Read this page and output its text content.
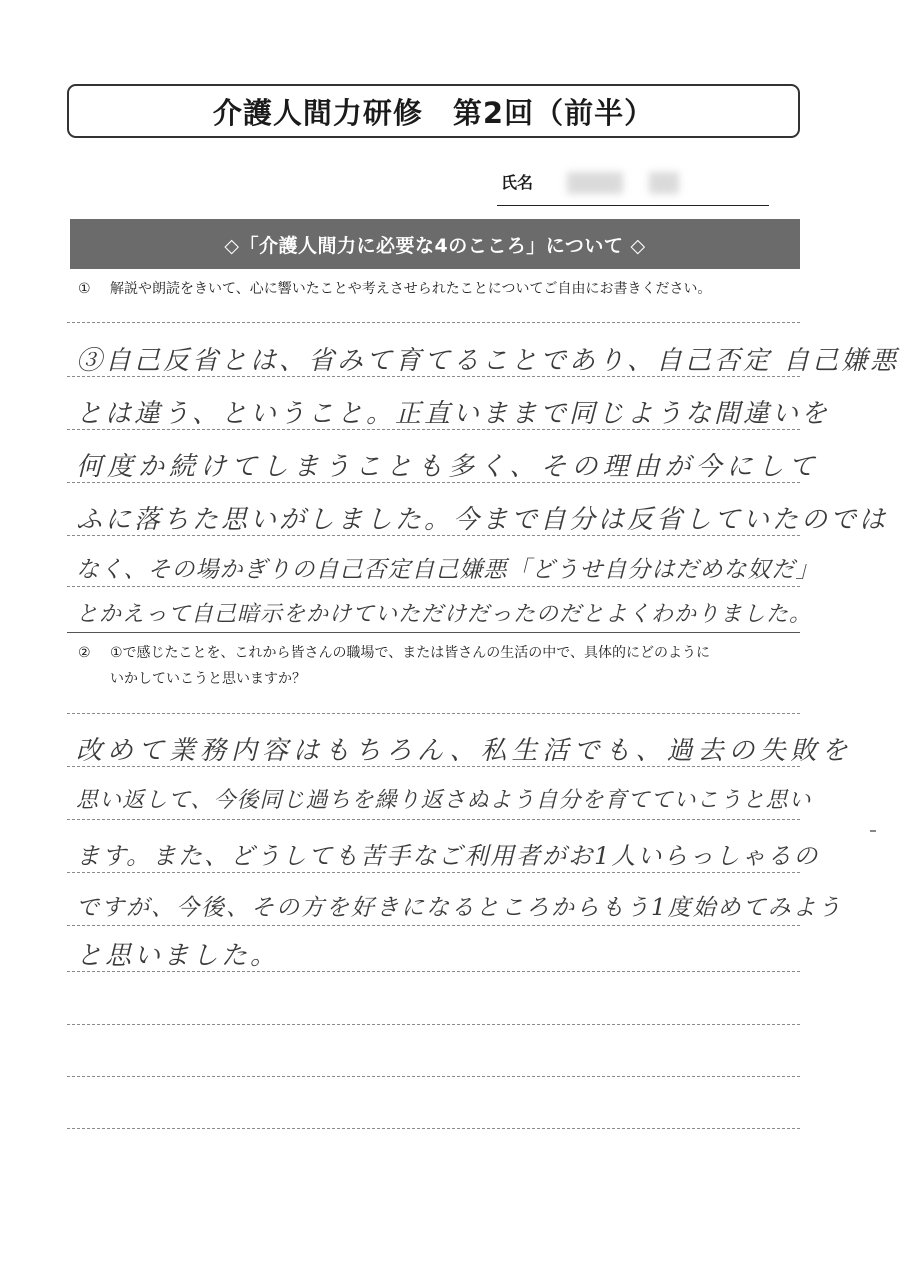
介護人間力研修　第2回（前半）
氏名
◇「介護人間力に必要な4のこころ」について ◇
① 解説や朗読をきいて、心に響いたことや考えさせられたことについてご自由にお書きください。
③自己反省とは、省みて育てることであり、自己否定 自己嫌悪
とは違う、ということ。正直いままで同じような間違いを
何度か続けてしまうことも多く、その理由が今にして
ふに落ちた思いがしました。今まで自分は反省していたのでは
なく、その場かぎりの自己否定自己嫌悪「どうせ自分はだめな奴だ」
とかえって自己暗示をかけていただけだったのだとよくわかりました。
② ①で感じたことを、これから皆さんの職場で、または皆さんの生活の中で、具体的にどのように
いかしていこうと思いますか？
改めて業務内容はもちろん、私生活でも、過去の失敗を
思い返して、今後同じ過ちを繰り返さぬよう自分を育てていこうと思い
ます。また、どうしても苦手なご利用者がお1人いらっしゃるの
ですが、今後、その方を好きになるところからもう1度始めてみよう
と思いました。
